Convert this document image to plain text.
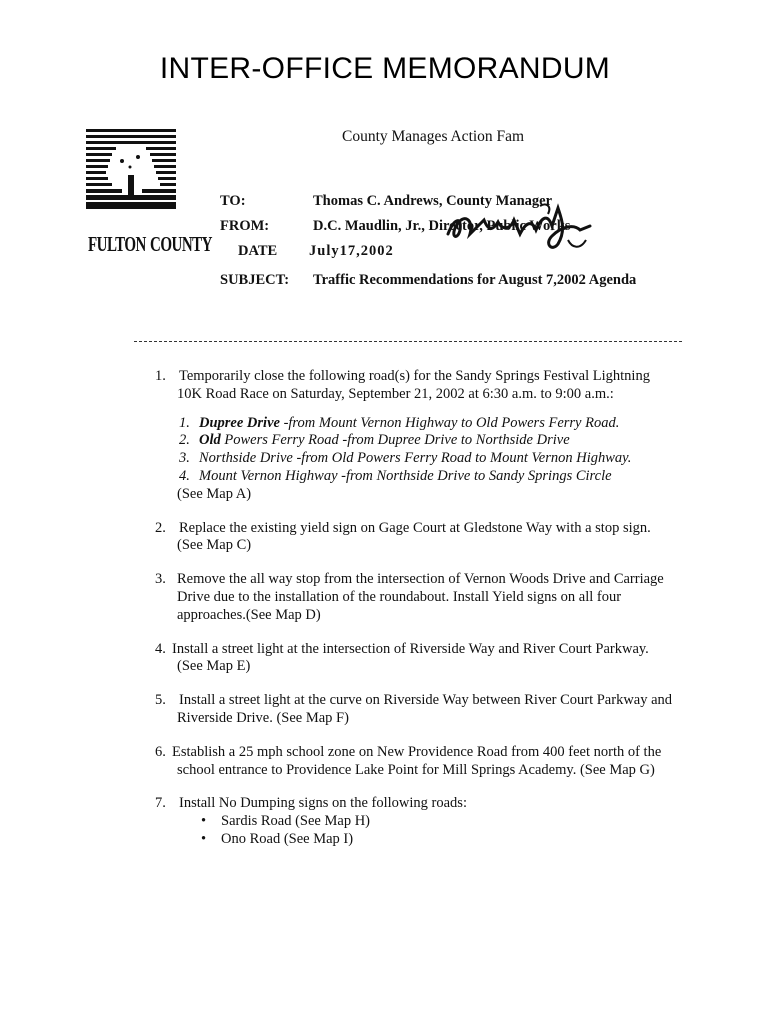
INTER-OFFICE MEMORANDUM
FULTON COUNTY
County Manages Action Fam
TO:	Thomas C. Andrews, County Manager
FROM:	D.C. Maudlin, Jr., Director, Public Works
DATE July17,2002
SUBJECT: Traffic Recommendations for August 7,2002 Agenda
1. Temporarily close the following road(s) for the Sandy Springs Festival Lightning
10K Road Race on Saturday, September 21, 2002 at 6:30 a.m. to 9:00 a.m.:
1. Dupree Drive -from Mount Vernon Highway to Old Powers Ferry Road.
2. Old Powers Ferry Road -from Dupree Drive to Northside Drive
3. Northside Drive -from Old Powers Ferry Road to Mount Vernon Highway.
4. Mount Vernon Highway -from Northside Drive to Sandy Springs Circle
(See Map A)
2. Replace the existing yield sign on Gage Court at Gledstone Way with a stop sign.
(See Map C)
3. Remove the all way stop from the intersection of Vernon Woods Drive and Carriage
Drive due to the installation of the roundabout. Install Yield signs on all four
approaches.(See Map D)
4. Install a street light at the intersection of Riverside Way and River Court Parkway.
(See Map E)
5. Install a street light at the curve on Riverside Way between River Court Parkway and
Riverside Drive. (See Map F)
6. Establish a 25 mph school zone on New Providence Road from 400 feet north of the
school entrance to Providence Lake Point for Mill Springs Academy. (See Map G)
7. Install No Dumping signs on the following roads:
•	Sardis Road (See Map H)
•	Ono Road (See Map I)
